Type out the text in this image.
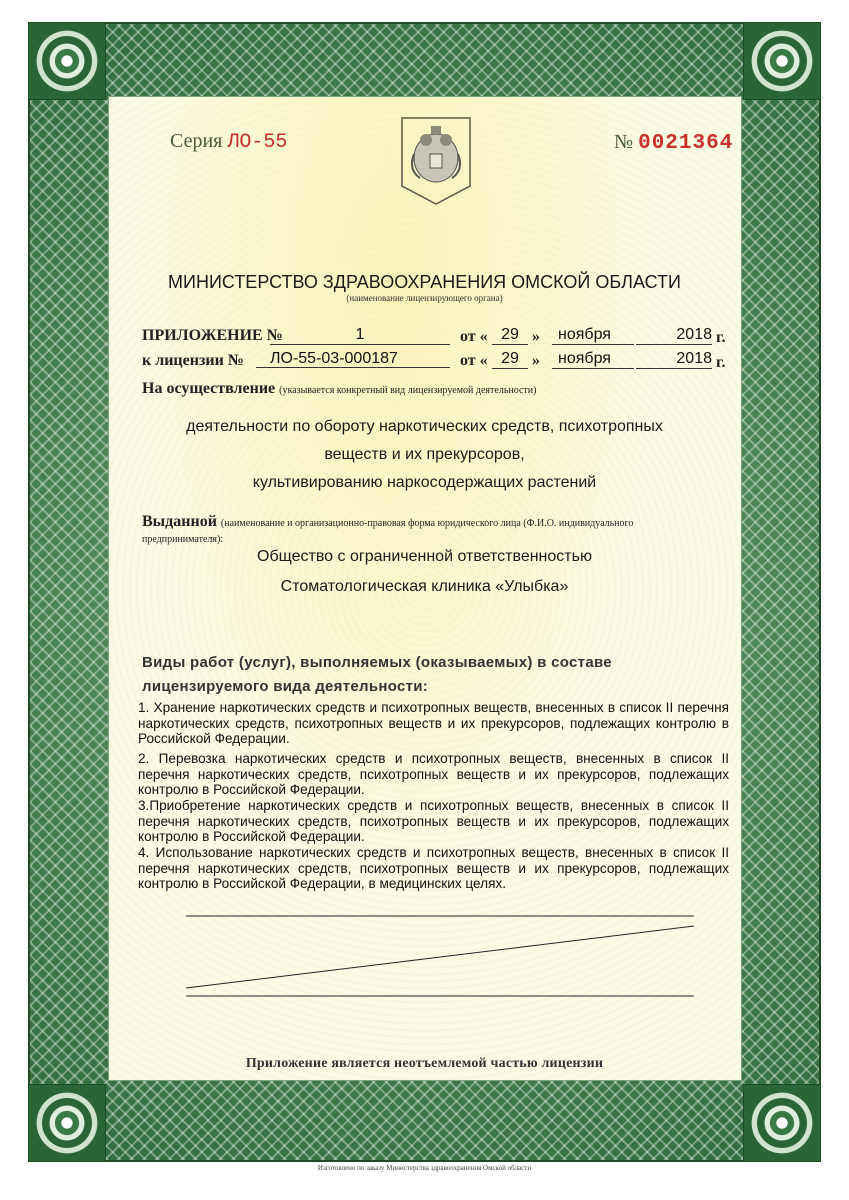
Серия ЛО-55	№ 0021364
МИНИСТЕРСТВО ЗДРАВООХРАНЕНИЯ ОМСКОЙ ОБЛАСТИ
(наименование лицензирующего органа)
ПРИЛОЖЕНИЕ №	1	от « 29 »	ноября	2018 г.
к лицензии №	ЛО-55-03-000187	от « 29 »	ноября	2018 г.
На осуществление (указывается конкретный вид лицензируемой деятельности)
деятельности по обороту наркотических средств, психотропных
веществ и их прекурсоров,
культивированию наркосодержащих растений
Выданной (наименование и организационно-правовая форма юридического лица (Ф.И.О. индивидуального
предпринимателя):
Общество с ограниченной ответственностью
Стоматологическая клиника «Улыбка»
Виды работ (услуг), выполняемых (оказываемых) в составе
лицензируемого вида деятельности:
1. Хранение наркотических средств и психотропных веществ, внесенных в список II перечня наркотических средств, психотропных веществ и их прекурсоров, подлежащих контролю в Российской Федерации.
2. Перевозка наркотических средств и психотропных веществ, внесенных в список II перечня наркотических средств, психотропных веществ и их прекурсоров, подлежащих контролю в Российской Федерации.
3.Приобретение наркотических средств и психотропных веществ, внесенных в список II перечня наркотических средств, психотропных веществ и их прекурсоров, подлежащих контролю в Российской Федерации.
4. Использование наркотических средств и психотропных веществ, внесенных в список II перечня наркотических средств, психотропных веществ и их прекурсоров, подлежащих контролю в Российской Федерации, в медицинских целях.
Приложение является неотъемлемой частью лицензии
Изготовлено по заказу Министерства здравоохранения Омской области
